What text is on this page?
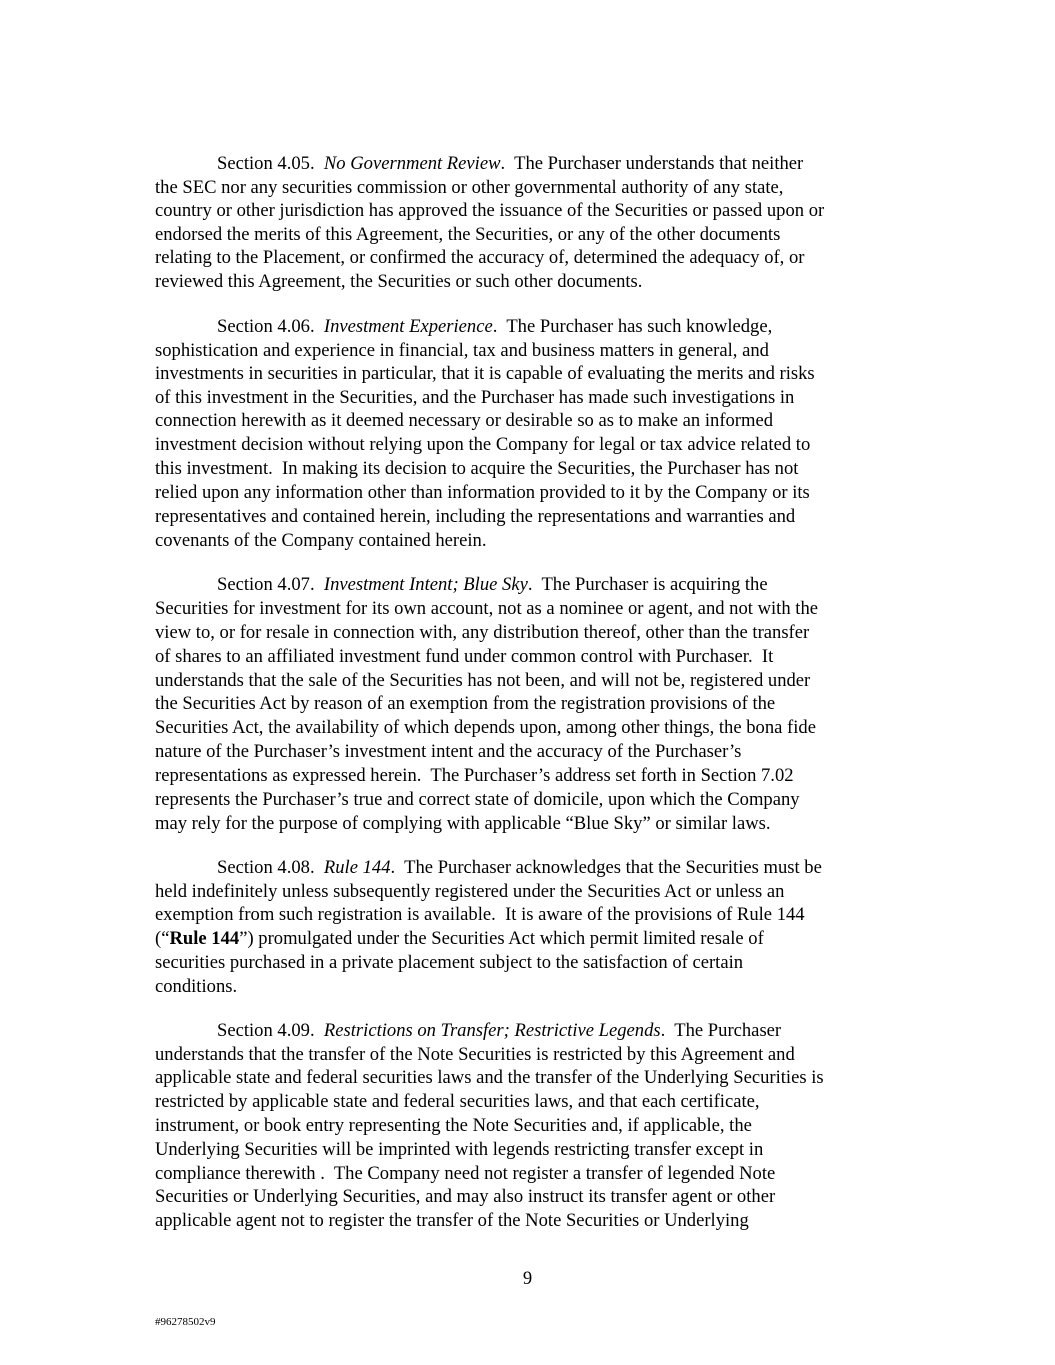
Section 4.05. No Government Review.  The Purchaser understands that neither
the SEC nor any securities commission or other governmental authority of any state,
country or other jurisdiction has approved the issuance of the Securities or passed upon or
endorsed the merits of this Agreement, the Securities, or any of the other documents
relating to the Placement, or confirmed the accuracy of, determined the adequacy of, or
reviewed this Agreement, the Securities or such other documents.
Section 4.06. Investment Experience.  The Purchaser has such knowledge,
sophistication and experience in financial, tax and business matters in general, and
investments in securities in particular, that it is capable of evaluating the merits and risks
of this investment in the Securities, and the Purchaser has made such investigations in
connection herewith as it deemed necessary or desirable so as to make an informed
investment decision without relying upon the Company for legal or tax advice related to
this investment.  In making its decision to acquire the Securities, the Purchaser has not
relied upon any information other than information provided to it by the Company or its
representatives and contained herein, including the representations and warranties and
covenants of the Company contained herein.
Section 4.07. Investment Intent; Blue Sky.  The Purchaser is acquiring the
Securities for investment for its own account, not as a nominee or agent, and not with the
view to, or for resale in connection with, any distribution thereof, other than the transfer
of shares to an affiliated investment fund under common control with Purchaser.  It
understands that the sale of the Securities has not been, and will not be, registered under
the Securities Act by reason of an exemption from the registration provisions of the
Securities Act, the availability of which depends upon, among other things, the bona fide
nature of the Purchaser’s investment intent and the accuracy of the Purchaser’s
representations as expressed herein.  The Purchaser’s address set forth in Section 7.02
represents the Purchaser’s true and correct state of domicile, upon which the Company
may rely for the purpose of complying with applicable “Blue Sky” or similar laws.
Section 4.08. Rule 144.  The Purchaser acknowledges that the Securities must be
held indefinitely unless subsequently registered under the Securities Act or unless an
exemption from such registration is available.  It is aware of the provisions of Rule 144
(“Rule 144”) promulgated under the Securities Act which permit limited resale of
securities purchased in a private placement subject to the satisfaction of certain
conditions.
Section 4.09. Restrictions on Transfer; Restrictive Legends.  The Purchaser
understands that the transfer of the Note Securities is restricted by this Agreement and
applicable state and federal securities laws and the transfer of the Underlying Securities is
restricted by applicable state and federal securities laws, and that each certificate,
instrument, or book entry representing the Note Securities and, if applicable, the
Underlying Securities will be imprinted with legends restricting transfer except in
compliance therewith .  The Company need not register a transfer of legended Note
Securities or Underlying Securities, and may also instruct its transfer agent or other
applicable agent not to register the transfer of the Note Securities or Underlying
9
#96278502v9
